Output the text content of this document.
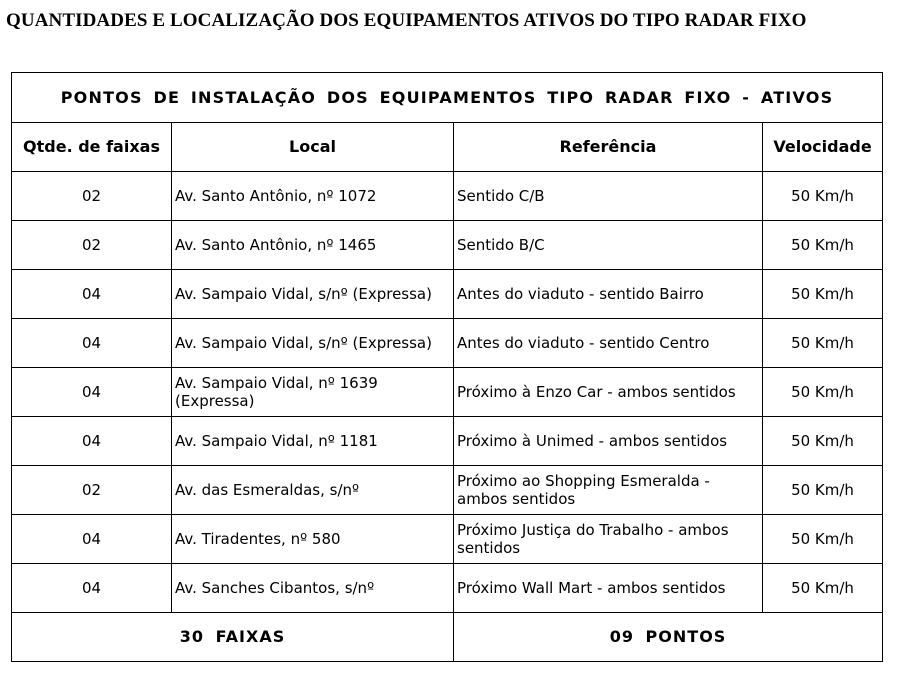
QUANTIDADES E LOCALIZAÇÃO DOS EQUIPAMENTOS ATIVOS DO TIPO RADAR FIXO
PONTOS DE INSTALAÇÃO DOS EQUIPAMENTOS TIPO RADAR FIXO - ATIVOS			
Qtde. de faixas	Local	Referência	Velocidade
02	Av. Santo Antônio, nº 1072	Sentido C/B	50 Km/h
02	Av. Santo Antônio, nº 1465	Sentido B/C	50 Km/h
04	Av. Sampaio Vidal, s/nº (Expressa)	Antes do viaduto - sentido Bairro	50 Km/h
04	Av. Sampaio Vidal, s/nº (Expressa)	Antes do viaduto - sentido Centro	50 Km/h
04	Av. Sampaio Vidal, nº 1639 (Expressa)	Próximo à Enzo Car - ambos sentidos	50 Km/h
04	Av. Sampaio Vidal, nº 1181	Próximo à Unimed - ambos sentidos	50 Km/h
02	Av. das Esmeraldas, s/nº	Próximo ao Shopping Esmeralda - ambos sentidos	50 Km/h
04	Av. Tiradentes, nº 580	Próximo Justiça do Trabalho - ambos sentidos	50 Km/h
04	Av. Sanches Cibantos, s/nº	Próximo Wall Mart - ambos sentidos	50 Km/h
30 FAIXAS		09 PONTOS	
